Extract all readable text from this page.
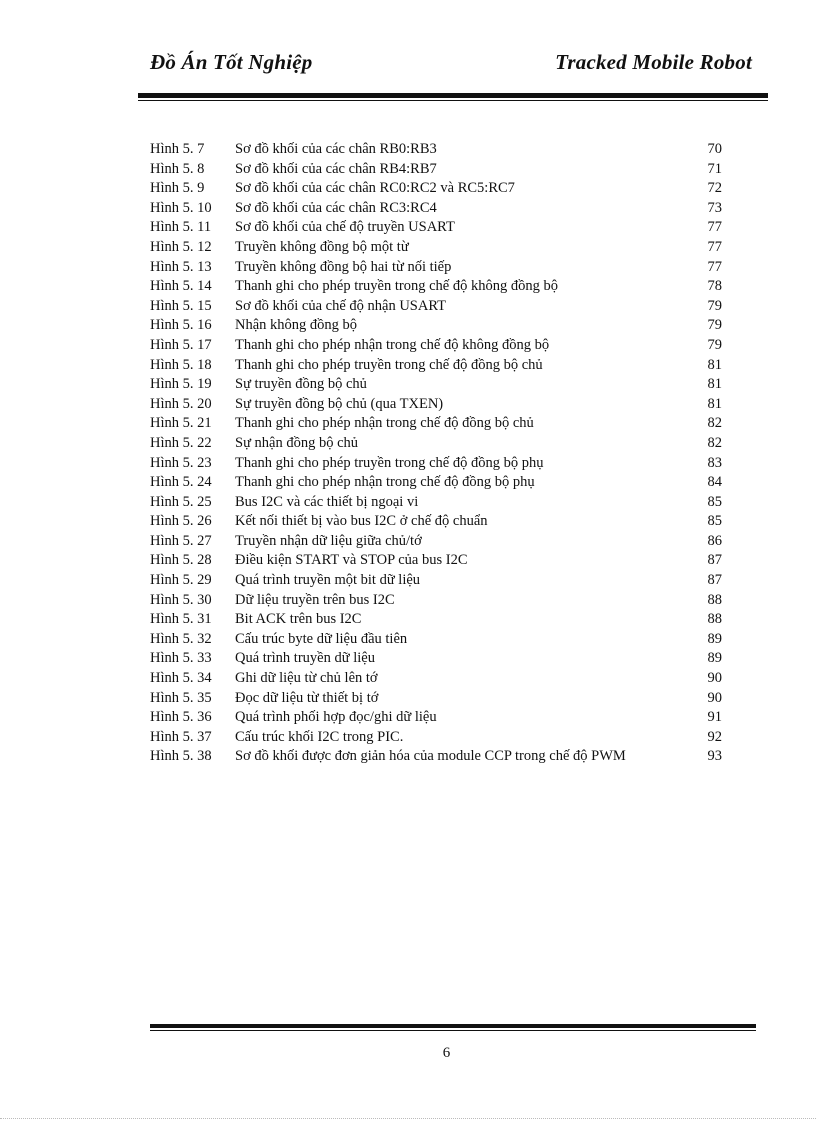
Đồ Án Tốt Nghiệp	Tracked Mobile Robot
Hình 5. 7 Sơ đồ khối của các chân RB0:RB3	70
Hình 5. 8 Sơ đồ khối của các chân RB4:RB7	71
Hình 5. 9 Sơ đồ khối của các chân RC0:RC2 và RC5:RC7	72
Hình 5. 10 Sơ đồ khối của các chân RC3:RC4	73
Hình 5. 11 Sơ đồ khối của chế độ truyền USART	77
Hình 5. 12 Truyền không đồng bộ một từ	77
Hình 5. 13 Truyền không đồng bộ hai từ nối tiếp	77
Hình 5. 14 Thanh ghi cho phép truyền trong chế độ không đồng bộ	78
Hình 5. 15 Sơ đồ khối của chế độ nhận USART	79
Hình 5. 16 Nhận không đồng bộ	79
Hình 5. 17 Thanh ghi cho phép nhận trong chế độ không đồng bộ	79
Hình 5. 18 Thanh ghi cho phép truyền trong chế độ đồng bộ chủ	81
Hình 5. 19 Sự truyền đồng bộ chủ	81
Hình 5. 20 Sự truyền đồng bộ chủ (qua TXEN)	81
Hình 5. 21 Thanh ghi cho phép nhận trong chế độ đồng bộ chủ	82
Hình 5. 22 Sự nhận đồng bộ chủ	82
Hình 5. 23 Thanh ghi cho phép truyền trong chế độ đồng bộ phụ	83
Hình 5. 24 Thanh ghi cho phép nhận trong chế độ đồng bộ phụ	84
Hình 5. 25 Bus I2C và các thiết bị ngoại vi	85
Hình 5. 26 Kết nối thiết bị vào bus I2C ở chế độ chuẩn	85
Hình 5. 27 Truyền nhận dữ liệu giữa chủ/tớ	86
Hình 5. 28 Điều kiện START và STOP của bus I2C	87
Hình 5. 29 Quá trình truyền một bit dữ liệu	87
Hình 5. 30 Dữ liệu truyền trên bus I2C	88
Hình 5. 31 Bit ACK trên bus I2C	88
Hình 5. 32 Cấu trúc byte dữ liệu đầu tiên	89
Hình 5. 33 Quá trình truyền dữ liệu	89
Hình 5. 34 Ghi dữ liệu từ chủ lên tớ	90
Hình 5. 35 Đọc dữ liệu từ thiết bị tớ	90
Hình 5. 36 Quá trình phối hợp đọc/ghi dữ liệu	91
Hình 5. 37 Cấu trúc khối I2C trong PIC.	92
Hình 5. 38 Sơ đồ khối được đơn giản hóa của module CCP trong chế độ PWM	93
6
